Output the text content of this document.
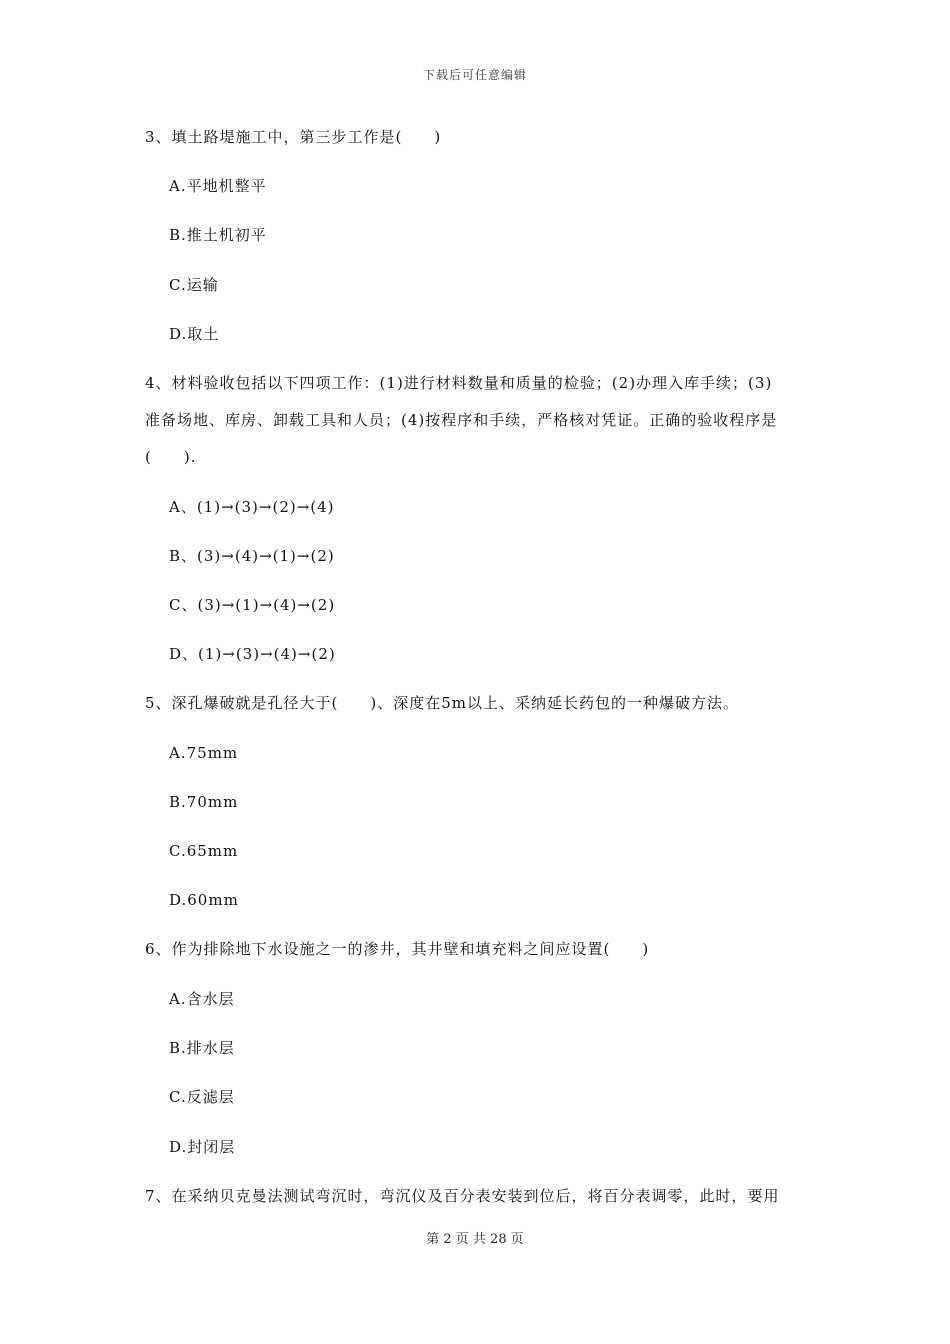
下载后可任意编辑
3、填土路堤施工中，第三步工作是(　　)
A.平地机整平
B.推土机初平
C.运输
D.取土
4、材料验收包括以下四项工作：(1)进行材料数量和质量的检验；(2)办理入库手续；(3)
准备场地、库房、卸载工具和人员；(4)按程序和手续，严格核对凭证。正确的验收程序是
(　　).
A、(1)→(3)→(2)→(4)
B、(3)→(4)→(1)→(2)
C、(3)→(1)→(4)→(2)
D、(1)→(3)→(4)→(2)
5、深孔爆破就是孔径大于(　　)、深度在5m以上、采纳延长药包的一种爆破方法。
A.75mm
B.70mm
C.65mm
D.60mm
6、作为排除地下水设施之一的渗井，其井壁和填充料之间应设置(　　)
A.含水层
B.排水层
C.反滤层
D.封闭层
7、在采纳贝克曼法测试弯沉时，弯沉仪及百分表安装到位后，将百分表调零，此时，要用
第 2 页 共 28 页
